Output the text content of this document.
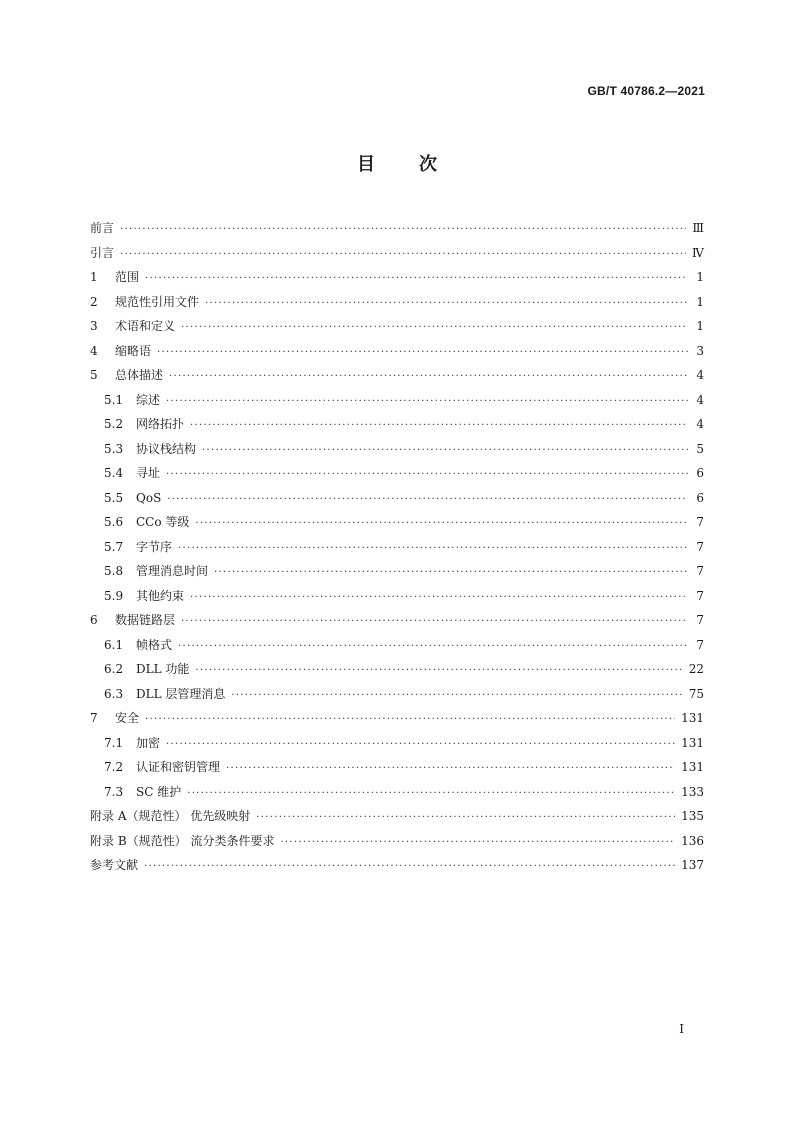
GB/T 40786.2—2021
目 次
前言 ·····	Ⅲ
引言 ·····	Ⅳ
1	范围 ·····	1
2	规范性引用文件 ·····	1
3	术语和定义 ·····	1
4	缩略语 ·····	3
5	总体描述 ·····	4
5.1	综述 ·····	4
5.2	网络拓扑 ·····	4
5.3	协议栈结构 ·····	5
5.4	寻址 ·····	6
5.5	QoS ·····	6
5.6	CCo 等级 ·····	7
5.7	字节序 ·····	7
5.8	管理消息时间 ·····	7
5.9	其他约束 ·····	7
6	数据链路层 ·····	7
6.1	帧格式 ·····	7
6.2	DLL 功能 ·····	22
6.3	DLL 层管理消息 ·····	75
7	安全 ·····	131
7.1	加密 ·····	131
7.2	认证和密钥管理 ·····	131
7.3	SC 维护 ·····	133
附录 A（规范性） 优先级映射 ·····	135
附录 B（规范性） 流分类条件要求 ·····	136
参考文献 ·····	137
I
